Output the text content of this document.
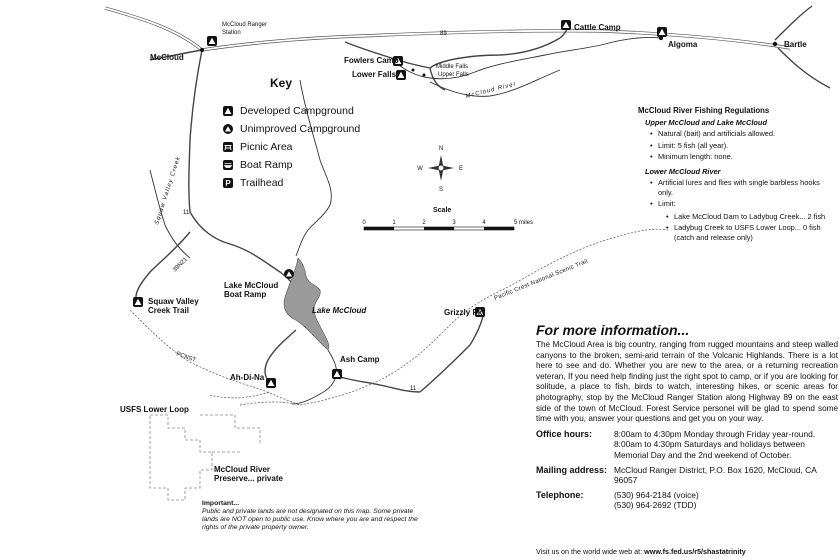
N
S
E
W
0	1	2	3	4	5 miles
McCloud
McCloud Ranger
Station
Fowlers Camp
Lower Falls
Middle Falls
Upper Falls
Cattle Camp
Algoma	Bartle
Lake McCloud
Lake McCloud
Boat Ramp
Squaw Valley
Creek Trail
Ash Camp
Ah-Di-Na
Grizzly Pk.
USFS Lower Loop
McCloud River
Preserve... private
McCloud River
Squaw Valley Creek
Pacific Crest National Scenic Trail
89
11
11
39N21
PCNST
Key
Developed Campground
Unimproved Campground
Picnic Area
Boat Ramp
P Trailhead
Scale
McCloud River Fishing Regulations
Upper McCloud and Lake McCloud
• Natural (bait) and artificials allowed.
• Limit: 5 fish (all year).
• Minimum length: none.
Lower McCloud River
• Artificial lures and flies with single barbless hooks only.
• Limit:
• Lake McCloud Dam to Ladybug Creek... 2 fish
• Ladybug Creek to USFS Lower Loop... 0 fish (catch and release only)
For more information...
The McCloud Area is big country, ranging from rugged mountains and steep walled canyons to the broken, semi-arid terrain of the Volcanic Highlands. There is a lot here to see and do. Whether you are new to the area, or a returning recreation veteran, If you need help finding just the right spot to camp, or if you are looking for solitude, a place to fish, birds to watch, interesting hikes, or scenic areas for photography, stop by the McCloud Ranger Station along Highway 89 on the east side of the town of McCloud. Forest Service personel will be glad to spend some time with you, answer your questions and get you on your way.
Office hours:	8:00am to 4:30pm Monday through Friday year-round. 8:00am to 4:30pm Saturdays and holidays between Memorial Day and the 2nd weekend of October.
Mailing address: McCloud Ranger District, P.O. Box 1620, McCloud, CA 96057
Telephone:	(530) 964-2184 (voice)
(530) 964-2692 (TDD)
Important...
Public and private lands are not designated on this map. Some private lands are NOT open to public use. Know where you are and respect the rights of the private property owner.
Visit us on the world wide web at: www.fs.fed.us/r5/shastatrinity
